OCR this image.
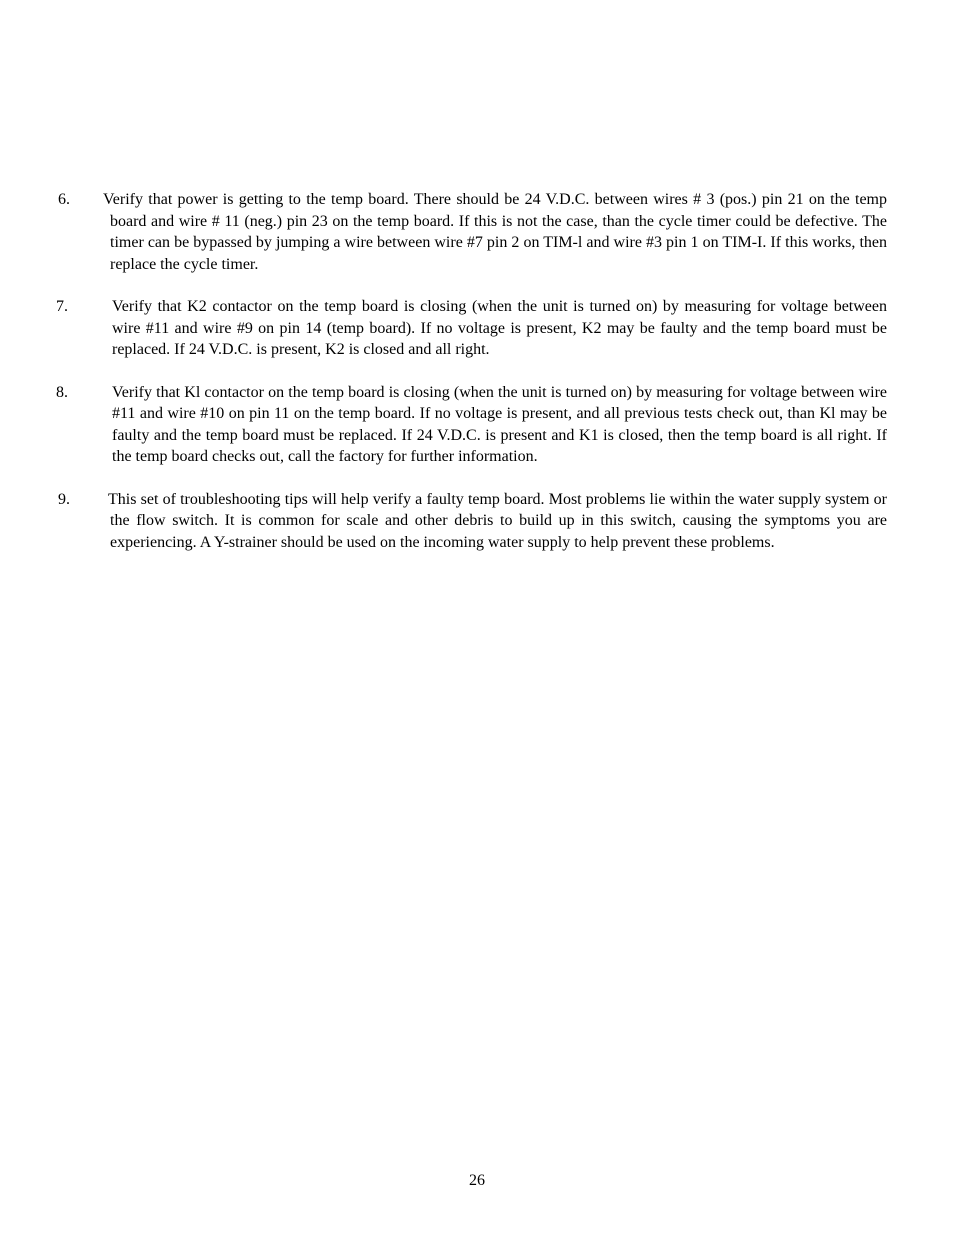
6. Verify that power is getting to the temp board. There should be 24 V.D.C. between wires # 3 (pos.) pin 21 on the temp board and wire # 11 (neg.) pin 23 on the temp board. If this is not the case, than the cycle timer could be defective. The timer can be bypassed by jumping a wire between wire #7 pin 2 on TIM-l and wire #3 pin 1 on TIM-I. If this works, then replace the cycle timer.
7.	Verify that K2 contactor on the temp board is closing (when the unit is turned on) by measuring for voltage between wire #11 and wire #9 on pin 14 (temp board). If no voltage is present, K2 may be faulty and the temp board must be replaced. If 24 V.D.C. is present, K2 is closed and all right.
8.	Verify that Kl contactor on the temp board is closing (when the unit is turned on) by measuring for voltage between wire #11 and wire #10 on pin 11 on the temp board. If no voltage is present, and all previous tests check out, than Kl may be faulty and the temp board must be replaced. If 24 V.D.C. is present and K1 is closed, then the temp board is all right. If the temp board checks out, call the factory for further information.
9. This set of troubleshooting tips will help verify a faulty temp board. Most problems lie within the water supply system or the flow switch. It is common for scale and other debris to build up in this switch, causing the symptoms you are experiencing. A Y-strainer should be used on the incoming water supply to help prevent these problems.
26
